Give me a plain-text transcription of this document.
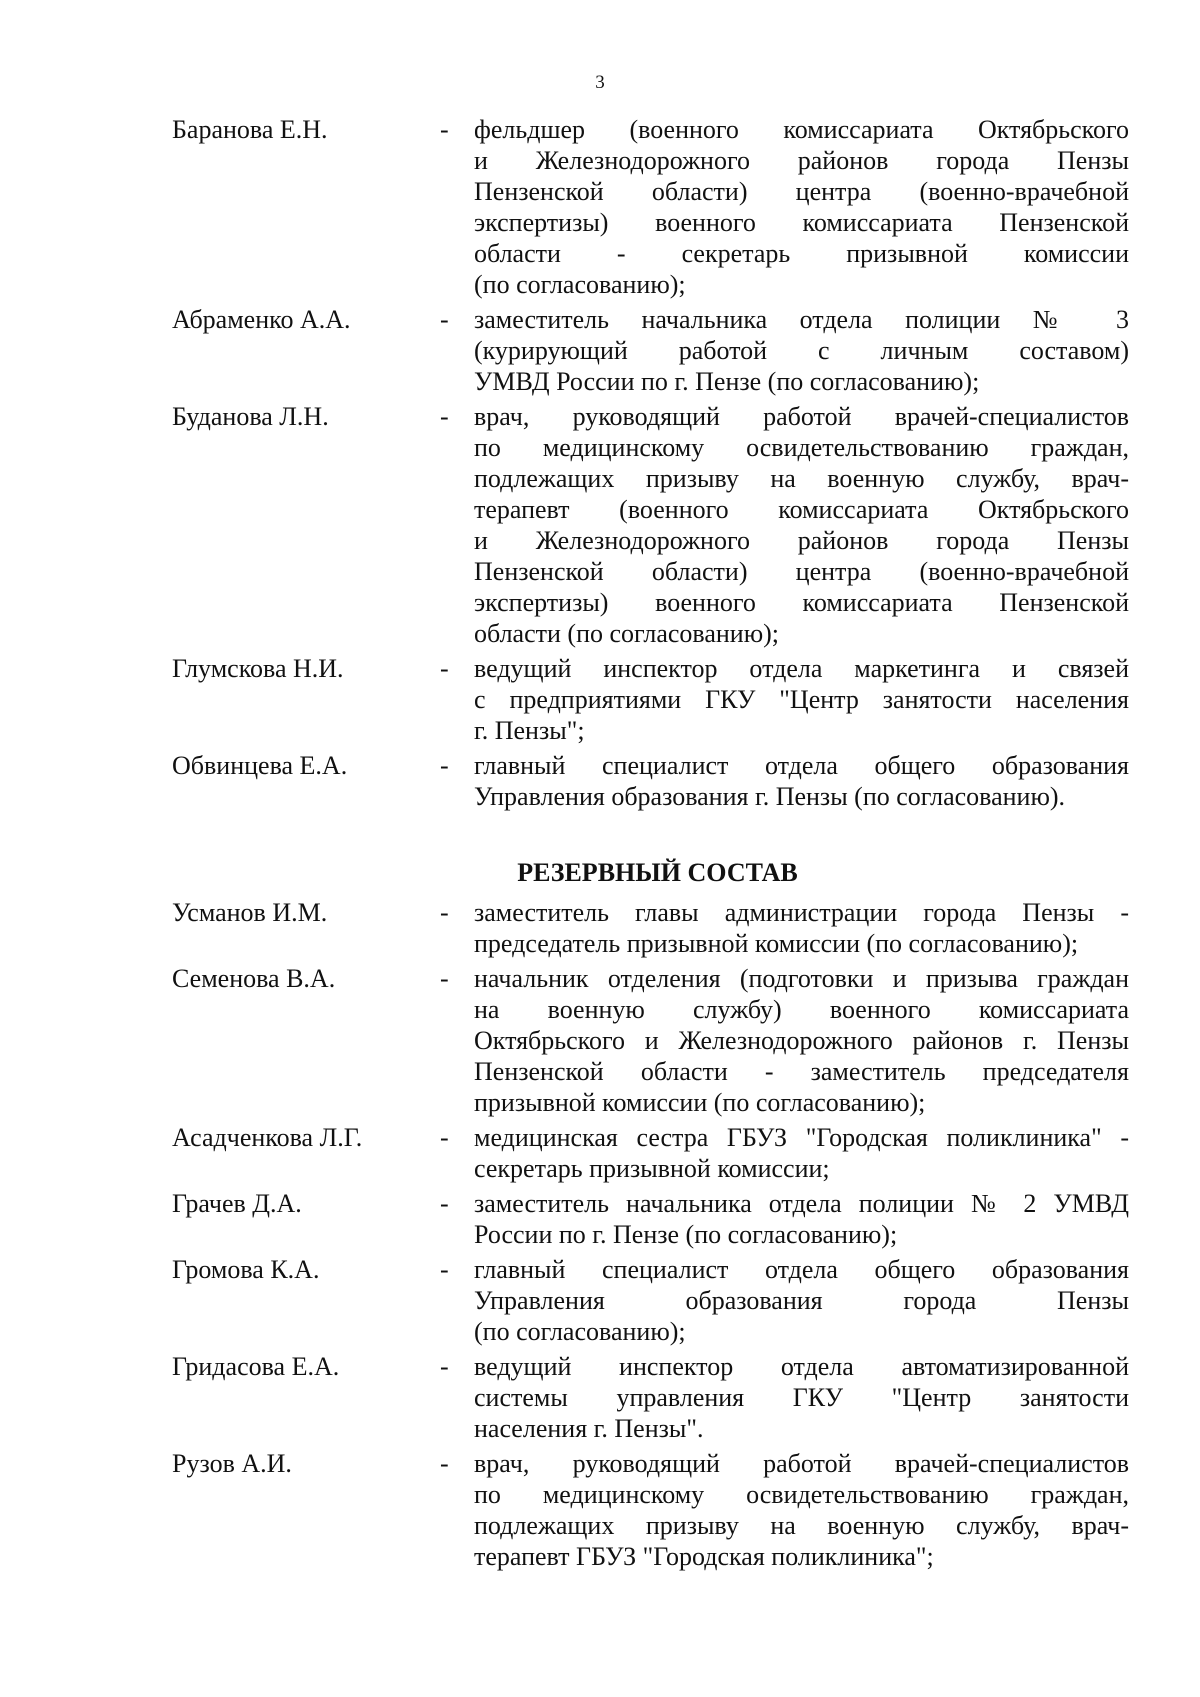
3
Баранова Е.Н.	- фельдшер (военного комиссариата Октябрьского
и Железнодорожного районов города Пензы
Пензенской области) центра (военно-врачебной
экспертизы) военного комиссариата Пензенской
области - секретарь призывной комиссии
(по согласованию);
Абраменко А.А.	- заместитель начальника отдела полиции № 3
(курирующий работой с личным составом)
УМВД России по г. Пензе (по согласованию);
Буданова Л.Н.	- врач, руководящий работой врачей-специалистов
по медицинскому освидетельствованию граждан,
подлежащих призыву на военную службу, врач-
терапевт (военного комиссариата Октябрьского
и Железнодорожного районов города Пензы
Пензенской области) центра (военно-врачебной
экспертизы) военного комиссариата Пензенской
области (по согласованию);
Глумскова Н.И.	- ведущий инспектор отдела маркетинга и связей
с предприятиями ГКУ "Центр занятости населения
г. Пензы";
Обвинцева Е.А.	- главный специалист отдела общего образования
Управления образования г. Пензы (по согласованию).
РЕЗЕРВНЫЙ СОСТАВ
Усманов И.М.	- заместитель главы администрации города Пензы -
председатель призывной комиссии (по согласованию);
Семенова В.А.	- начальник отделения (подготовки и призыва граждан
на военную службу) военного комиссариата
Октябрьского и Железнодорожного районов г. Пензы
Пензенской области - заместитель председателя
призывной комиссии (по согласованию);
Асадченкова Л.Г.	- медицинская сестра ГБУЗ "Городская поликлиника" -
секретарь призывной комиссии;
Грачев Д.А.	- заместитель начальника отдела полиции № 2 УМВД
России по г. Пензе (по согласованию);
Громова К.А.	- главный специалист отдела общего образования
Управления образования города Пензы
(по согласованию);
Гридасова Е.А.	- ведущий инспектор отдела автоматизированной
системы управления ГКУ "Центр занятости
населения г. Пензы".
Рузов А.И.	- врач, руководящий работой врачей-специалистов
по медицинскому освидетельствованию граждан,
подлежащих призыву на военную службу, врач-
терапевт ГБУЗ "Городская поликлиника";
